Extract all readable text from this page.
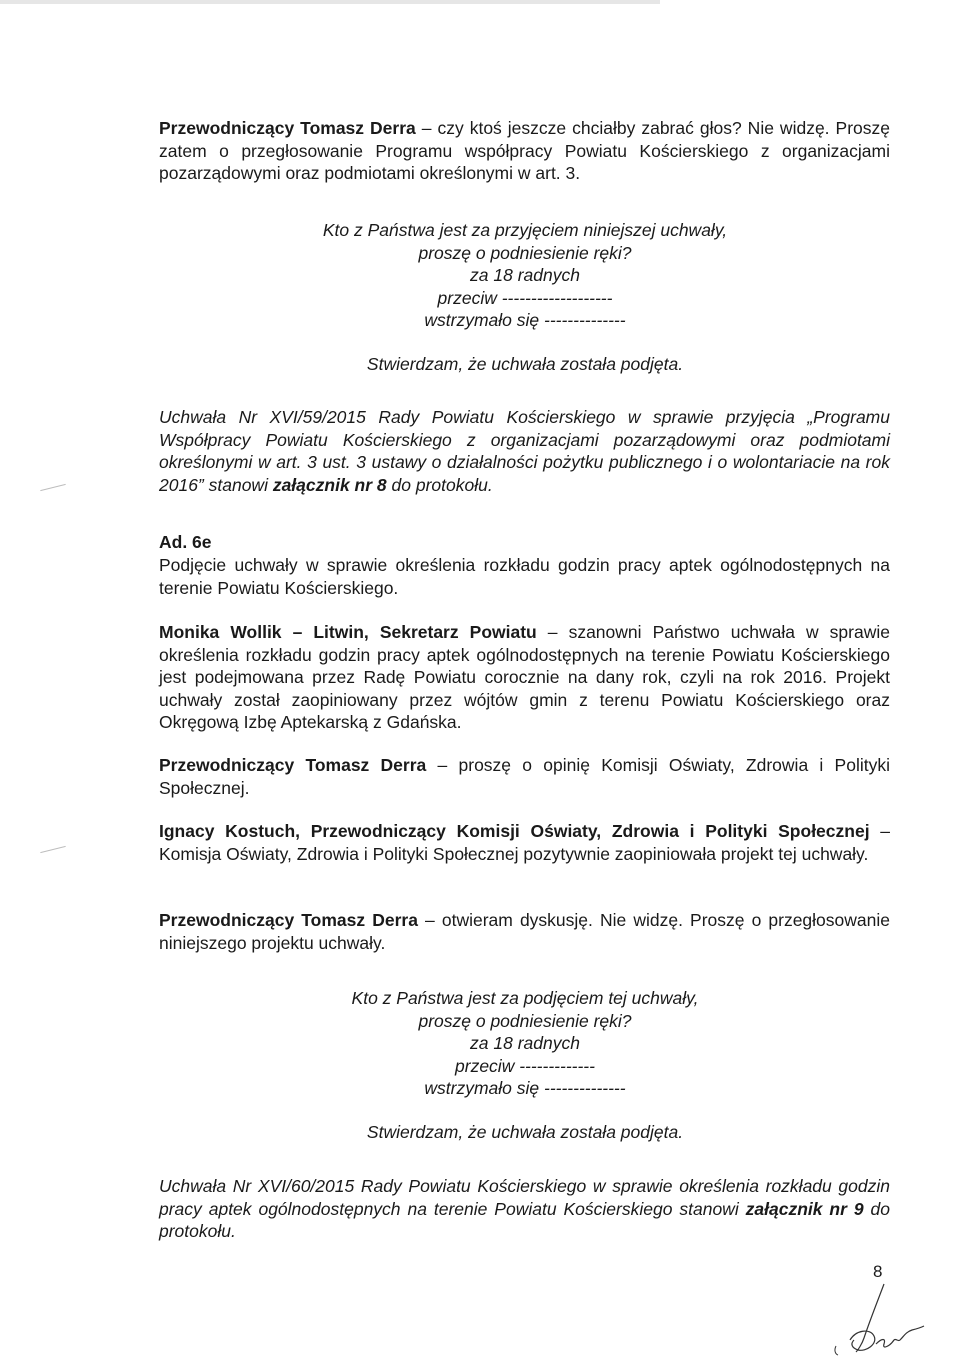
Przewodniczący Tomasz Derra – czy ktoś jeszcze chciałby zabrać głos? Nie widzę. Proszę zatem o przegłosowanie Programu współpracy Powiatu Kościerskiego z organizacjami pozarządowymi oraz podmiotami określonymi w art. 3.

Kto z Państwa jest za przyjęciem niniejszej uchwały,
proszę o podniesienie ręki?
za 18 radnych
przeciw -------------------
wstrzymało się --------------
Stwierdzam, że uchwała została podjęta.

Uchwała Nr XVI/59/2015 Rady Powiatu Kościerskiego w sprawie przyjęcia „Programu Współpracy Powiatu Kościerskiego z organizacjami pozarządowymi oraz podmiotami określonymi w art. 3 ust. 3 ustawy o działalności pożytku publicznego i o wolontariacie na rok 2016” stanowi załącznik nr 8 do protokołu.

Ad. 6e

Podjęcie uchwały w sprawie określenia rozkładu godzin pracy aptek ogólnodostępnych na terenie Powiatu Kościerskiego.

Monika Wollik – Litwin, Sekretarz Powiatu – szanowni Państwo uchwała w sprawie określenia rozkładu godzin pracy aptek ogólnodostępnych na terenie Powiatu Kościerskiego jest podejmowana przez Radę Powiatu corocznie na dany rok, czyli na rok 2016. Projekt uchwały został zaopiniowany przez wójtów gmin z terenu Powiatu Kościerskiego oraz Okręgową Izbę Aptekarską z Gdańska.

Przewodniczący Tomasz Derra – proszę o opinię Komisji Oświaty, Zdrowia i Polityki Społecznej.

Ignacy Kostuch, Przewodniczący Komisji Oświaty, Zdrowia i Polityki Społecznej – Komisja Oświaty, Zdrowia i Polityki Społecznej pozytywnie zaopiniowała projekt tej uchwały.

Przewodniczący Tomasz Derra – otwieram dyskusję. Nie widzę. Proszę o przegłosowanie niniejszego projektu uchwały.

Kto z Państwa jest za podjęciem tej uchwały,
proszę o podniesienie ręki?
za 18 radnych
przeciw -------------
wstrzymało się --------------
Stwierdzam, że uchwała została podjęta.

Uchwała Nr XVI/60/2015 Rady Powiatu Kościerskiego w sprawie określenia rozkładu godzin pracy aptek ogólnodostępnych na terenie Powiatu Kościerskiego stanowi załącznik nr 9 do protokołu.

8
